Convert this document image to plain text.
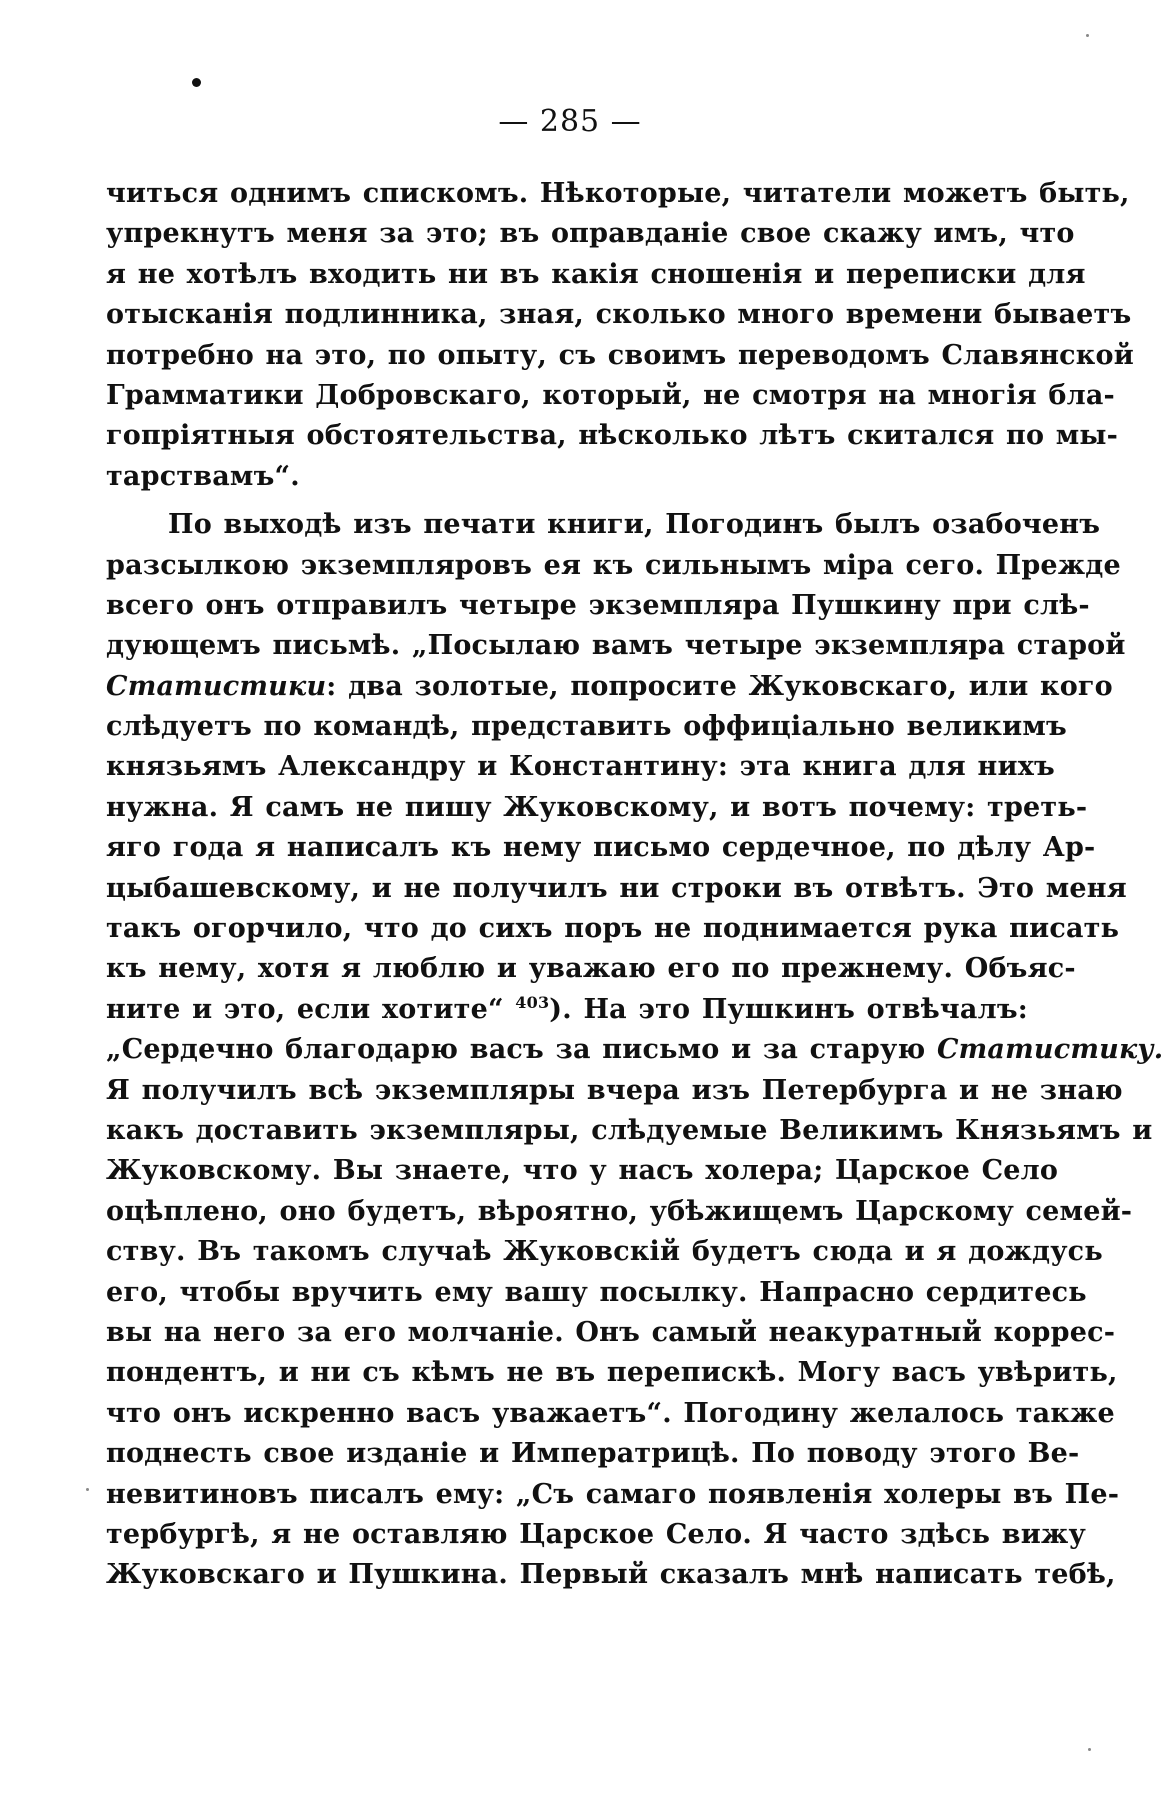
— 285 —
читься однимъ спискомъ. Нѣкоторые, читатели можетъ быть,
упрекнутъ меня за это; въ оправданіе свое скажу имъ, что
я не хотѣлъ входить ни въ какія сношенія и переписки для
отысканія подлинника, зная, сколько много времени бываетъ
потребно на это, по опыту, съ своимъ переводомъ Славянской
Грамматики Добровскаго, который, не смотря на многія бла-
гопріятныя обстоятельства, нѣсколько лѣтъ скитался по мы-
тарствамъ“.
По выходѣ изъ печати книги, Погодинъ былъ озабоченъ
разсылкою экземпляровъ ея къ сильнымъ міра сего. Прежде
всего онъ отправилъ четыре экземпляра Пушкину при слѣ-
дующемъ письмѣ. „Посылаю вамъ четыре экземпляра старой
Статистики: два золотые, попросите Жуковскаго, или кого
слѣдуетъ по командѣ, представить оффиціально великимъ
князьямъ Александру и Константину: эта книга для нихъ
нужна. Я самъ не пишу Жуковскому, и вотъ почему: треть-
яго года я написалъ къ нему письмо сердечное, по дѣлу Ар-
цыбашевскому, и не получилъ ни строки въ отвѣтъ. Это меня
такъ огорчило, что до сихъ поръ не поднимается рука писать
къ нему, хотя я люблю и уважаю его по прежнему. Объяс-
ните и это, если хотите“ $^{403}$). На это Пушкинъ отвѣчалъ:
„Сердечно благодарю васъ за письмо и за старую Статистику.
Я получилъ всѣ экземпляры вчера изъ Петербурга и не знаю
какъ доставить экземпляры, слѣдуемые Великимъ Князьямъ и
Жуковскому. Вы знаете, что у насъ холера; Царское Село
оцѣплено, оно будетъ, вѣроятно, убѣжищемъ Царскому семей-
ству. Въ такомъ случаѣ Жуковскій будетъ сюда и я дождусь
его, чтобы вручить ему вашу посылку. Напрасно сердитесь
вы на него за его молчаніе. Онъ самый неакуратный коррес-
пондентъ, и ни съ кѣмъ не въ перепискѣ. Могу васъ увѣрить,
что онъ искренно васъ уважаетъ“. Погодину желалось также
поднесть свое изданіе и Императрицѣ. По поводу этого Ве-
невитиновъ писалъ ему: „Съ самаго появленія холеры въ Пе-
тербургѣ, я не оставляю Царское Село. Я часто здѣсь вижу
Жуковскаго и Пушкина. Первый сказалъ мнѣ написать тебѣ,
